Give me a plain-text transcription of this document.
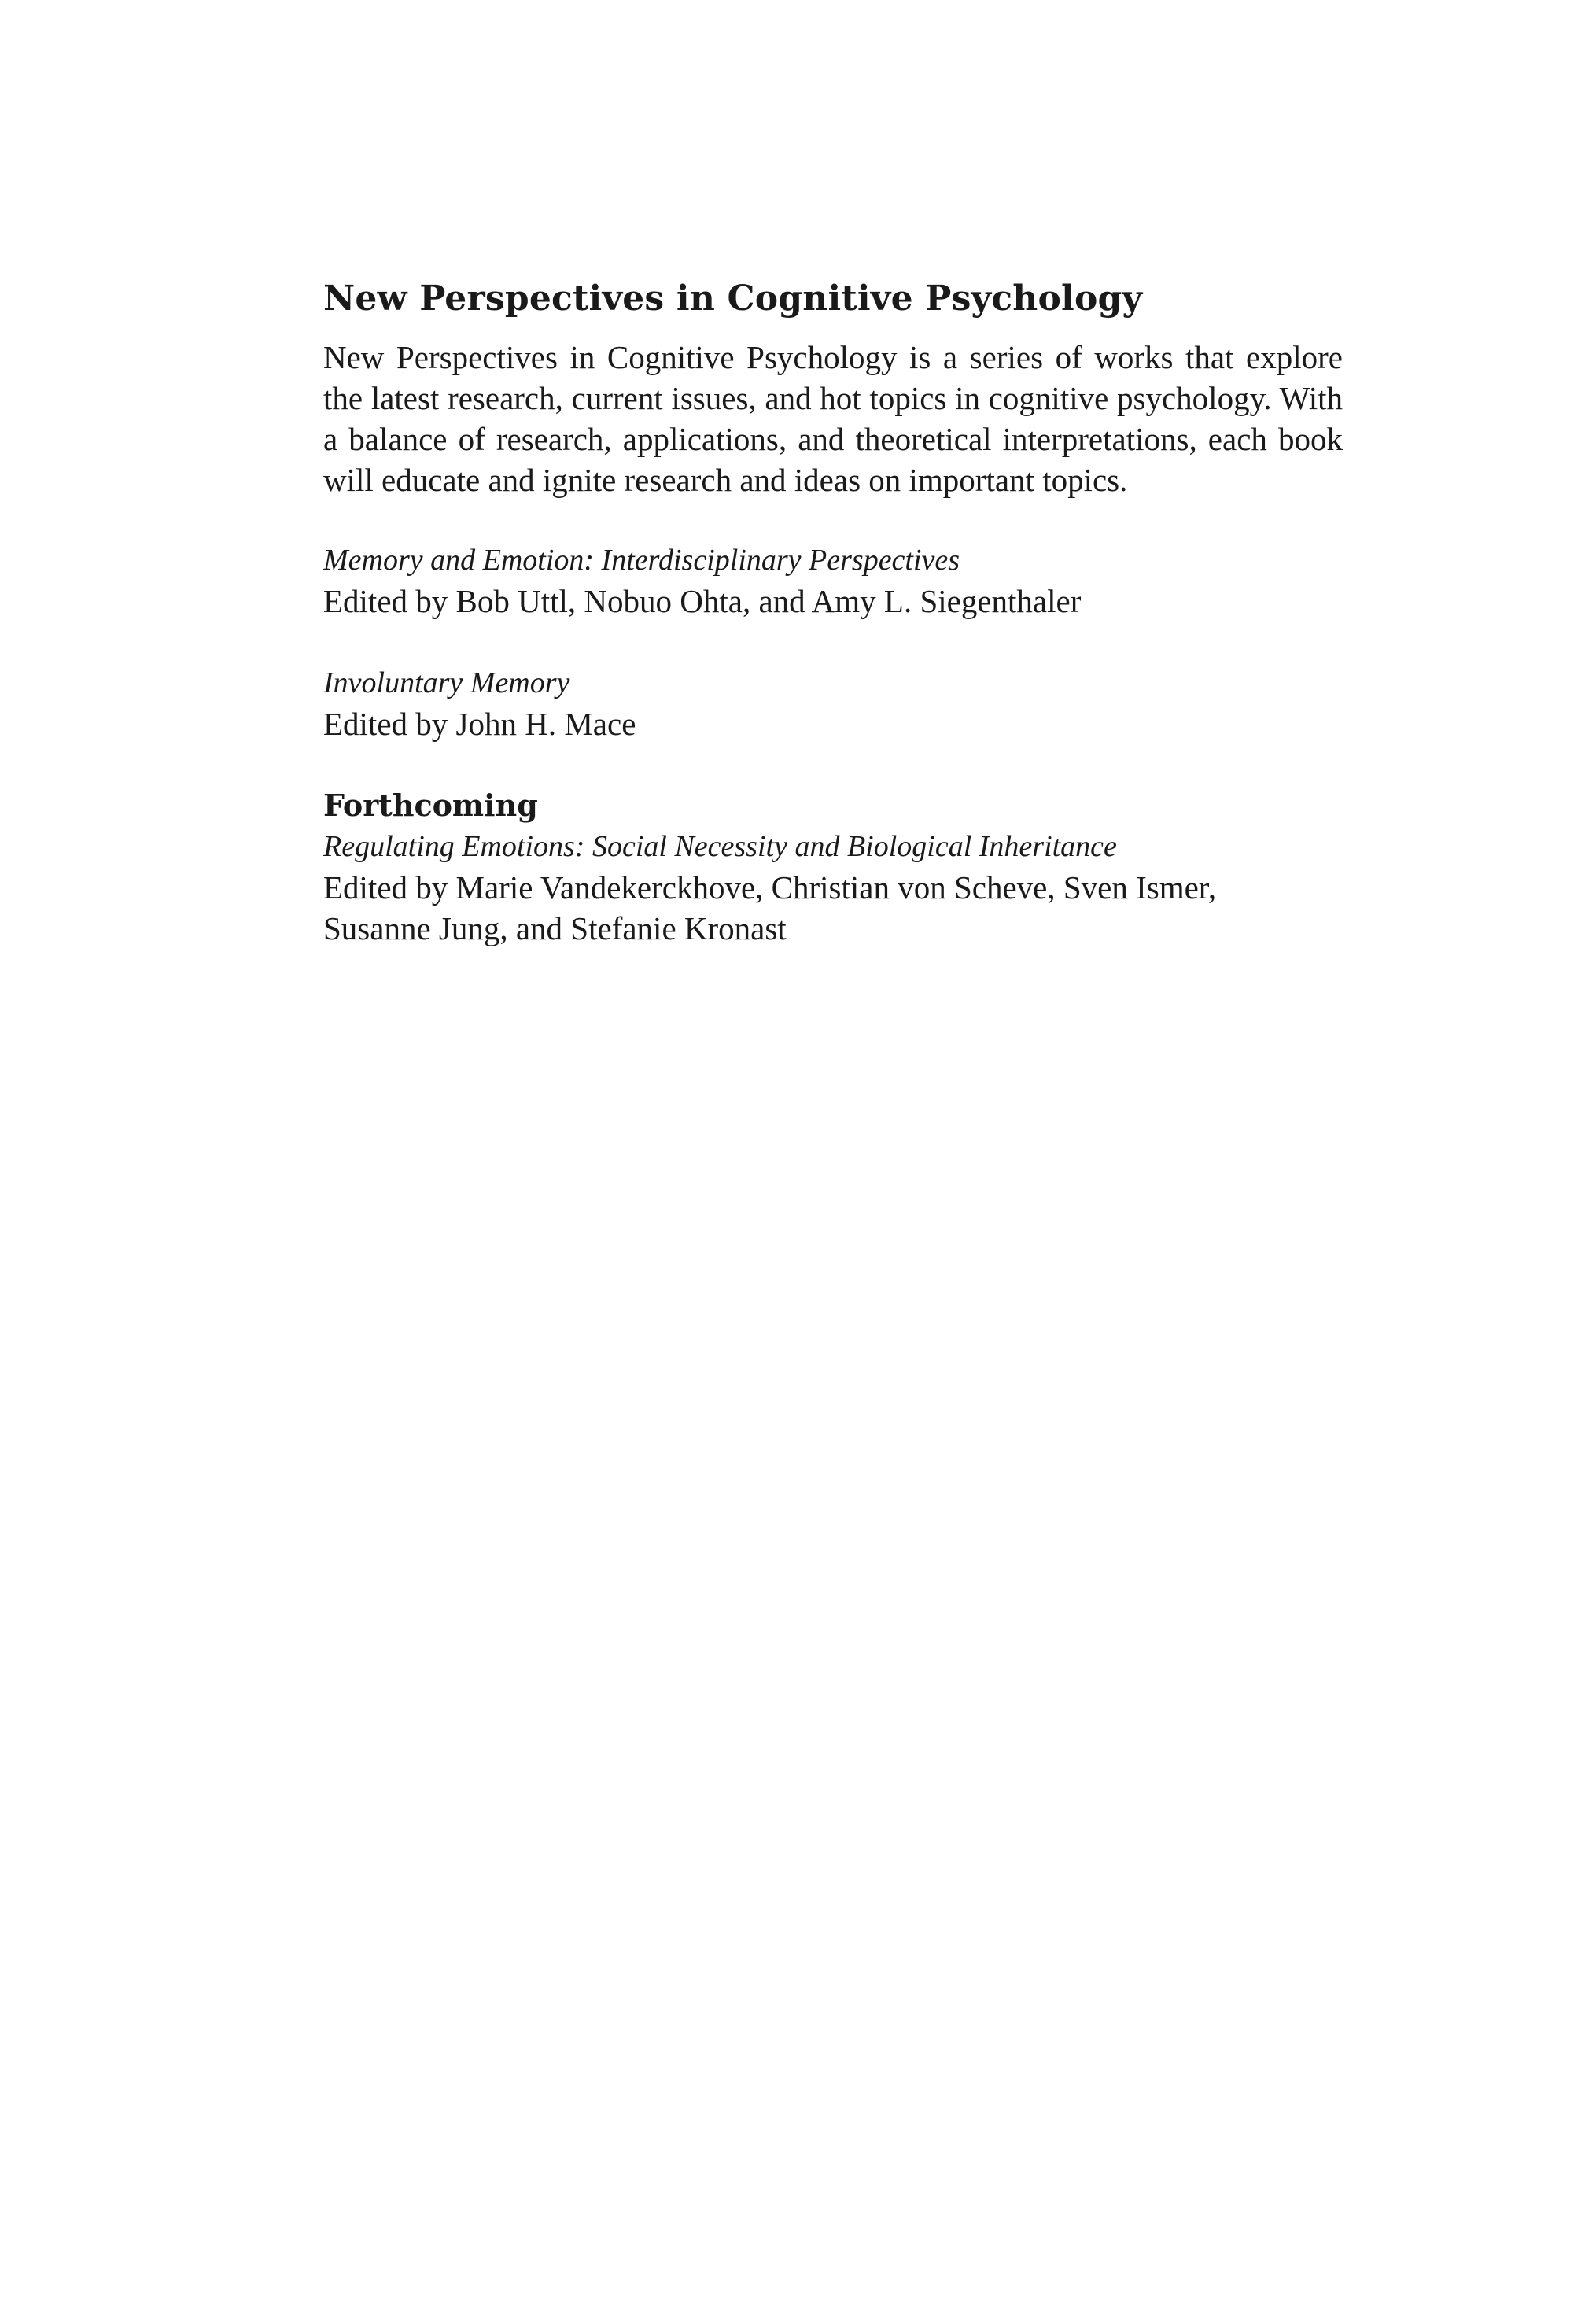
New Perspectives in Cognitive Psychology

New Perspectives in Cognitive Psychology is a series of works that explore the latest research, current issues, and hot topics in cognitive psychology. With a balance of research, applications, and theoretical interpretations, each book will educate and ignite research and ideas on important topics.

Memory and Emotion: Interdisciplinary Perspectives
Edited by Bob Uttl, Nobuo Ohta, and Amy L. Siegenthaler
Involuntary Memory
Edited by John H. Mace
Forthcoming
Regulating Emotions: Social Necessity and Biological Inheritance
Edited by Marie Vandekerckhove, Christian von Scheve, Sven Ismer,
Susanne Jung, and Stefanie Kronast
